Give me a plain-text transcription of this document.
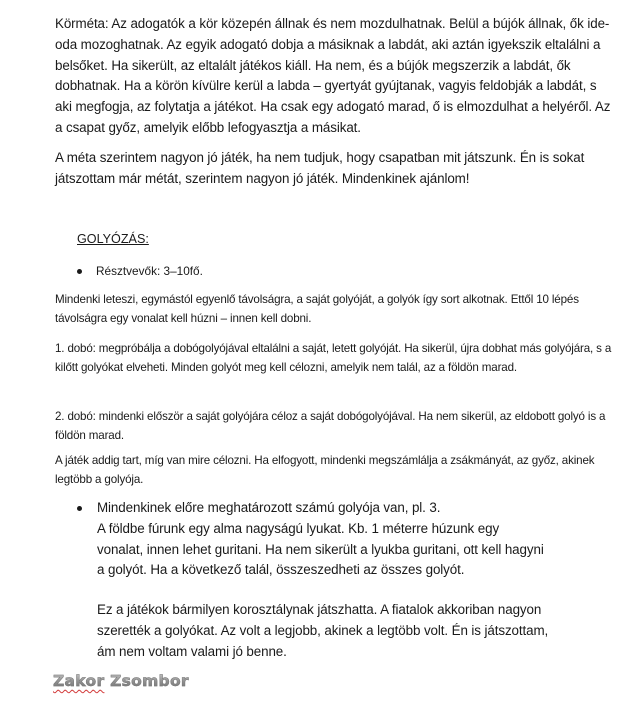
Körméta: Az adogatók a kör közepén állnak és nem mozdulhatnak. Belül a bújók állnak, ők ide-oda mozoghatnak. Az egyik adogató dobja a másiknak a labdát, aki aztán igyekszik eltalálni a belsőket. Ha sikerült, az eltalált játékos kiáll. Ha nem, és a bújók megszerzik a labdát, ők dobhatnak. Ha a körön kívülre kerül a labda – gyertyát gyújtanak, vagyis feldobják a labdát, s aki megfogja, az folytatja a játékot. Ha csak egy adogató marad, ő is elmozdulhat a helyéről. Az a csapat győz, amelyik előbb lefogyasztja a másikat.

A méta szerintem nagyon jó játék, ha nem tudjuk, hogy csapatban mit játszunk. Én is sokat játszottam már métát, szerintem nagyon jó játék. Mindenkinek ajánlom!

GOLYÓZÁS:
Résztvevők: 3–10fő.

Mindenki leteszi, egymástól egyenlő távolságra, a saját golyóját, a golyók így sort alkotnak. Ettől 10 lépés távolságra egy vonalat kell húzni – innen kell dobni.

1. dobó: megpróbálja a dobógolyójával eltalálni a saját, letett golyóját. Ha sikerül, újra dobhat más golyójára, s a kilőtt golyókat elveheti. Minden golyót meg kell célozni, amelyik nem talál, az a földön marad.

2. dobó: mindenki először a saját golyójára céloz a saját dobógolyójával. Ha nem sikerül, az eldobott golyó is a földön marad.

A játék addig tart, míg van mire célozni. Ha elfogyott, mindenki megszámlálja a zsákmányát, az győz, akinek legtöbb a golyója.

Mindenkinek előre meghatározott számú golyója van, pl. 3.
A földbe fúrunk egy alma nagyságú lyukat. Kb. 1 méterre húzunk egy vonalat, innen lehet guritani. Ha nem sikerült a lyukba guritani, ott kell hagyni a golyót. Ha a következő talál, összeszedheti az összes golyót.

Ez a játékok bármilyen korosztálynak játszhatta. A fiatalok akkoriban nagyon szerették a golyókat. Az volt a legjobb, akinek a legtöbb volt. Én is játszottam, ám nem voltam valami jó benne.

Zakor Zsombor
